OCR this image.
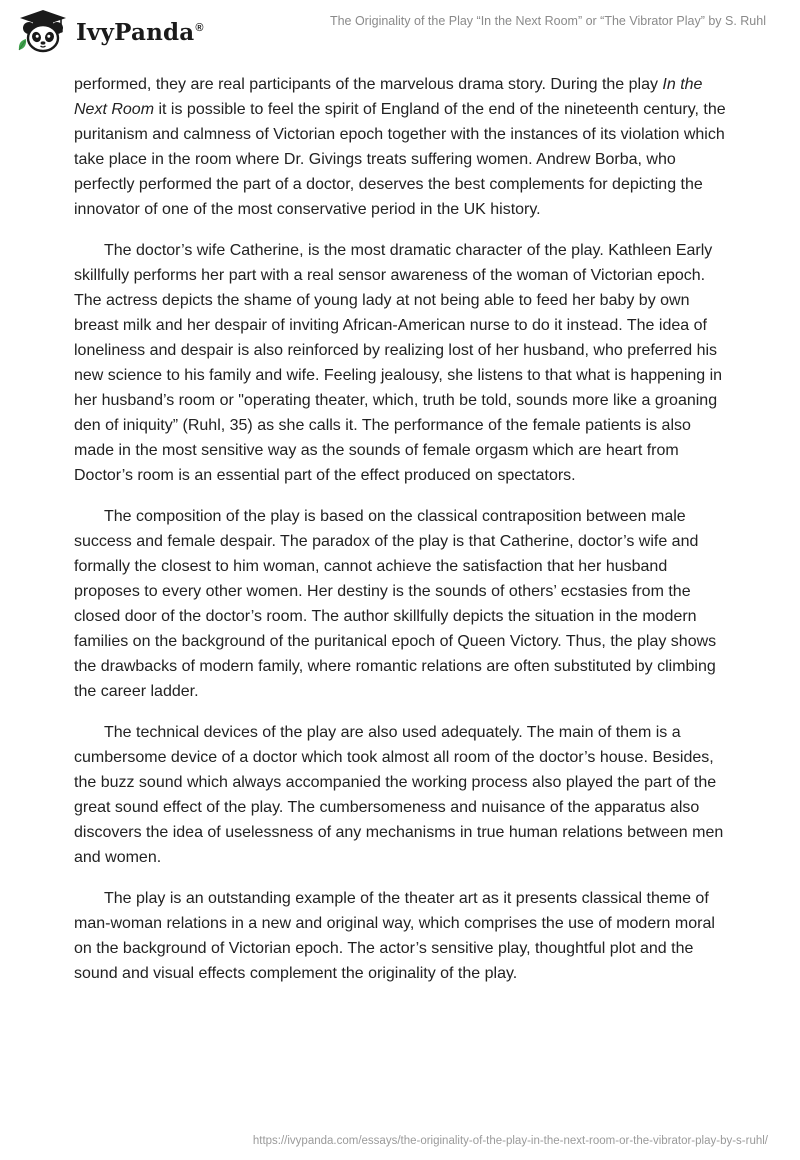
IvyPanda®	The Originality of the Play “In the Next Room” or “The Vibrator Play” by S. Ruhl

performed, they are real participants of the marvelous drama story. During the play In the Next Room it is possible to feel the spirit of England of the end of the nineteenth century, the puritanism and calmness of Victorian epoch together with the instances of its violation which take place in the room where Dr. Givings treats suffering women. Andrew Borba, who perfectly performed the part of a doctor, deserves the best complements for depicting the innovator of one of the most conservative period in the UK history.

The doctor’s wife Catherine, is the most dramatic character of the play. Kathleen Early skillfully performs her part with a real sensor awareness of the woman of Victorian epoch. The actress depicts the shame of young lady at not being able to feed her baby by own breast milk and her despair of inviting African-American nurse to do it instead. The idea of loneliness and despair is also reinforced by realizing lost of her husband, who preferred his new science to his family and wife. Feeling jealousy, she listens to that what is happening in her husband’s room or "operating theater, which, truth be told, sounds more like a groaning den of iniquity” (Ruhl, 35) as she calls it. The performance of the female patients is also made in the most sensitive way as the sounds of female orgasm which are heart from Doctor’s room is an essential part of the effect produced on spectators.

The composition of the play is based on the classical contraposition between male success and female despair. The paradox of the play is that Catherine, doctor’s wife and formally the closest to him woman, cannot achieve the satisfaction that her husband proposes to every other women. Her destiny is the sounds of others’ ecstasies from the closed door of the doctor’s room. The author skillfully depicts the situation in the modern families on the background of the puritanical epoch of Queen Victory. Thus, the play shows the drawbacks of modern family, where romantic relations are often substituted by climbing the career ladder.

The technical devices of the play are also used adequately. The main of them is a cumbersome device of a doctor which took almost all room of the doctor’s house. Besides, the buzz sound which always accompanied the working process also played the part of the great sound effect of the play. The cumbersomeness and nuisance of the apparatus also discovers the idea of uselessness of any mechanisms in true human relations between men and women.

The play is an outstanding example of the theater art as it presents classical theme of man-woman relations in a new and original way, which comprises the use of modern moral on the background of Victorian epoch. The actor’s sensitive play, thoughtful plot and the sound and visual effects complement the originality of the play.

https://ivypanda.com/essays/the-originality-of-the-play-in-the-next-room-or-the-vibrator-play-by-s-ruhl/
